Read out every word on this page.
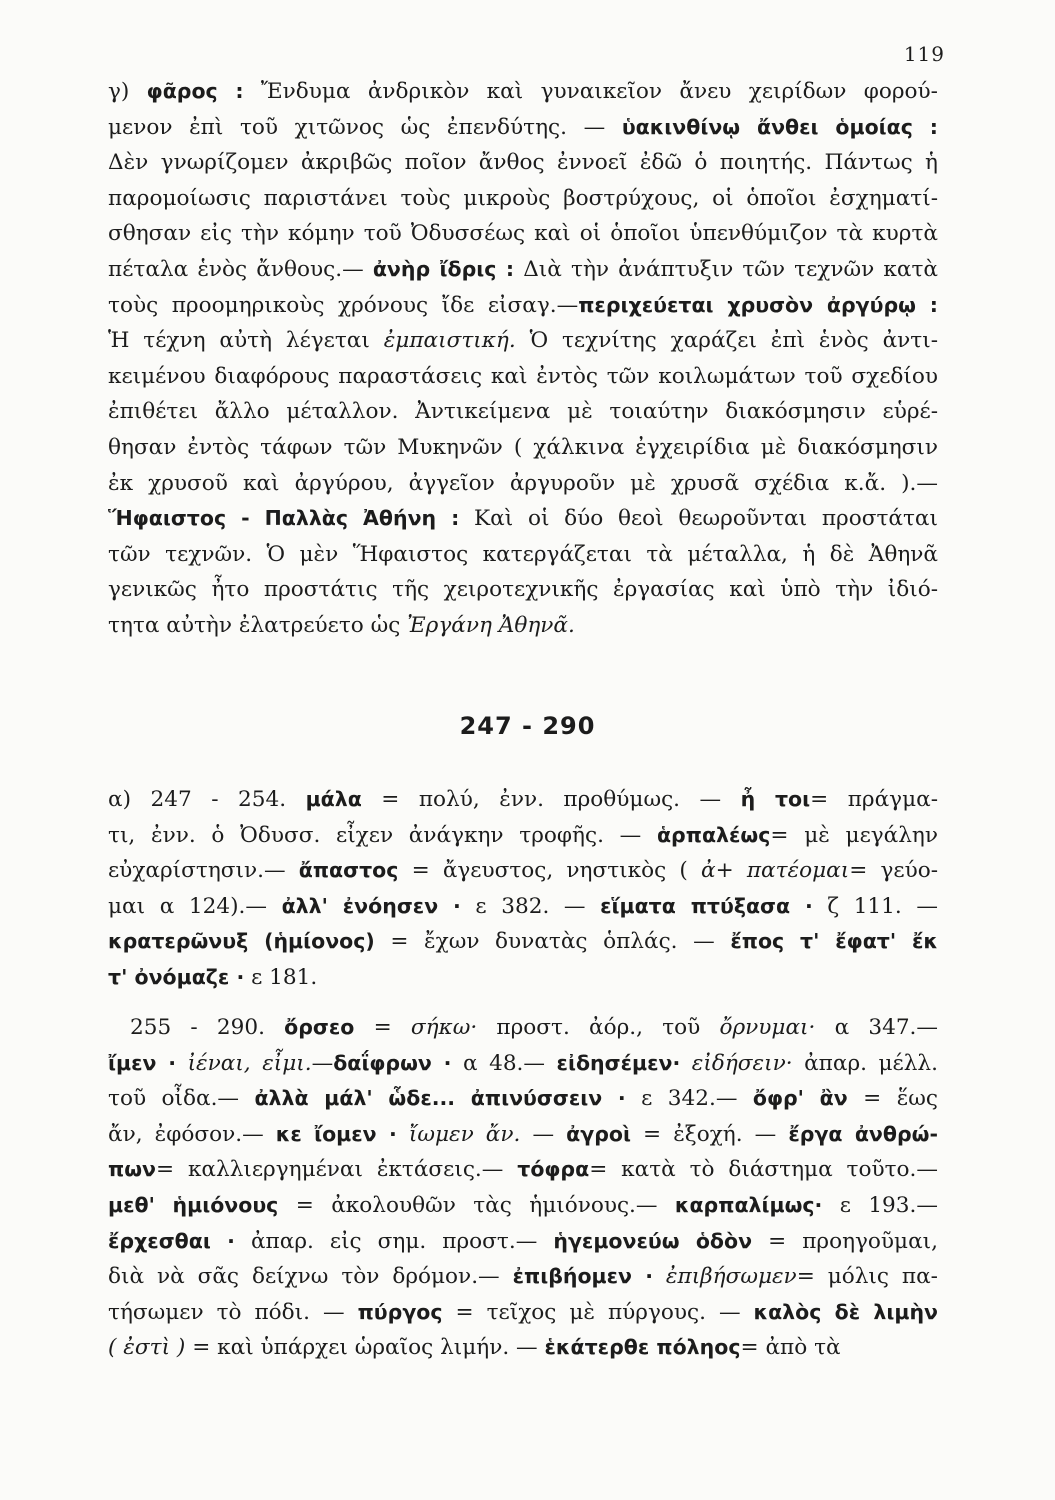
119
γ) φᾶρος : Ἔνδυμα ἀνδρικὸν καὶ γυναικεῖον ἄνευ χειρίδων φορού-
μενον ἐπὶ τοῦ χιτῶνος ὡς ἐπενδύτης. — ὑακινθίνῳ ἄνθει ὁμοίας :
Δὲν γνωρίζομεν ἀκριβῶς ποῖον ἄνθος ἐννοεῖ ἐδῶ ὁ ποιητής. Πάντως ἡ
παρομοίωσις παριστάνει τοὺς μικροὺς βοστρύχους, οἱ ὁποῖοι ἐσχηματί-
σθησαν εἰς τὴν κόμην τοῦ Ὀδυσσέως καὶ οἱ ὁποῖοι ὑπενθύμιζον τὰ κυρτὰ
πέταλα ἑνὸς ἄνθους.— ἀνὴρ ἴδρις : Διὰ τὴν ἀνάπτυξιν τῶν τεχνῶν κατὰ
τοὺς προομηρικοὺς χρόνους ἴδε εἰσαγ.—περιχεύεται χρυσὸν ἀργύρῳ :
Ἡ τέχνη αὐτὴ λέγεται ἐμπαιστική. Ὁ τεχνίτης χαράζει ἐπὶ ἑνὸς ἀντι-
κειμένου διαφόρους παραστάσεις καὶ ἐντὸς τῶν κοιλωμάτων τοῦ σχεδίου
ἐπιθέτει ἄλλο μέταλλον. Ἀντικείμενα μὲ τοιαύτην διακόσμησιν εὑρέ-
θησαν ἐντὸς τάφων τῶν Μυκηνῶν ( χάλκινα ἐγχειρίδια μὲ διακόσμησιν
ἐκ χρυσοῦ καὶ ἀργύρου, ἀγγεῖον ἀργυροῦν μὲ χρυσᾶ σχέδια κ.ἄ. ).—
Ἥφαιστος - Παλλὰς Ἀθήνη : Καὶ οἱ δύο θεοὶ θεωροῦνται προστάται
τῶν τεχνῶν. Ὁ μὲν Ἥφαιστος κατεργάζεται τὰ μέταλλα, ἡ δὲ Ἀθηνᾶ
γενικῶς ἦτο προστάτις τῆς χειροτεχνικῆς ἐργασίας καὶ ὑπὸ τὴν ἰδιό-
τητα αὐτὴν ἐλατρεύετο ὡς Ἐργάνη Ἀθηνᾶ.
247 - 290
α) 247 - 254. μάλα = πολύ, ἐνν. προθύμως. — ἦ τοι= πράγμα-
τι, ἐνν. ὁ Ὀδυσσ. εἶχεν ἀνάγκην τροφῆς. — ἁρπαλέως= μὲ μεγάλην
εὐχαρίστησιν.— ἄπαστος = ἄγευστος, νηστικὸς ( ἀ+ πατέομαι= γεύο-
μαι α 124).— ἀλλ' ἐνόησεν · ε 382. — εἵματα πτύξασα · ζ 111. —
κρατερῶνυξ (ἡμίονος) = ἔχων δυνατὰς ὁπλάς. — ἔπος τ' ἔφατ' ἔκ
τ' ὀνόμαζε · ε 181.
255 - 290. ὄρσεο = σήκω· προστ. ἀόρ., τοῦ ὄρνυμαι· α 347.—
ἴμεν · ἰέναι, εἶμι.—δαΐφρων · α 48.— εἰδησέμεν· εἰδήσειν· ἀπαρ. μέλλ.
τοῦ οἶδα.— ἀλλὰ μάλ' ὧδε... ἀπινύσσειν · ε 342.— ὄφρ' ἂν = ἕως
ἄν, ἐφόσον.— κε ἴομεν · ἴωμεν ἄν. — ἀγροὶ = ἐξοχή. — ἔργα ἀνθρώ-
πων= καλλιεργημέναι ἐκτάσεις.— τόφρα= κατὰ τὸ διάστημα τοῦτο.—
μεθ' ἡμιόνους = ἀκολουθῶν τὰς ἡμιόνους.— καρπαλίμως· ε 193.—
ἔρχεσθαι · ἀπαρ. εἰς σημ. προστ.— ἡγεμονεύω ὁδὸν = προηγοῦμαι,
διὰ νὰ σᾶς δείχνω τὸν δρόμον.— ἐπιβήομεν · ἐπιβήσωμεν= μόλις πα-
τήσωμεν τὸ πόδι. — πύργος = τεῖχος μὲ πύργους. — καλὸς δὲ λιμὴν
( ἐστὶ ) = καὶ ὑπάρχει ὡραῖος λιμήν. — ἑκάτερθε πόληος= ἀπὸ τὰ
